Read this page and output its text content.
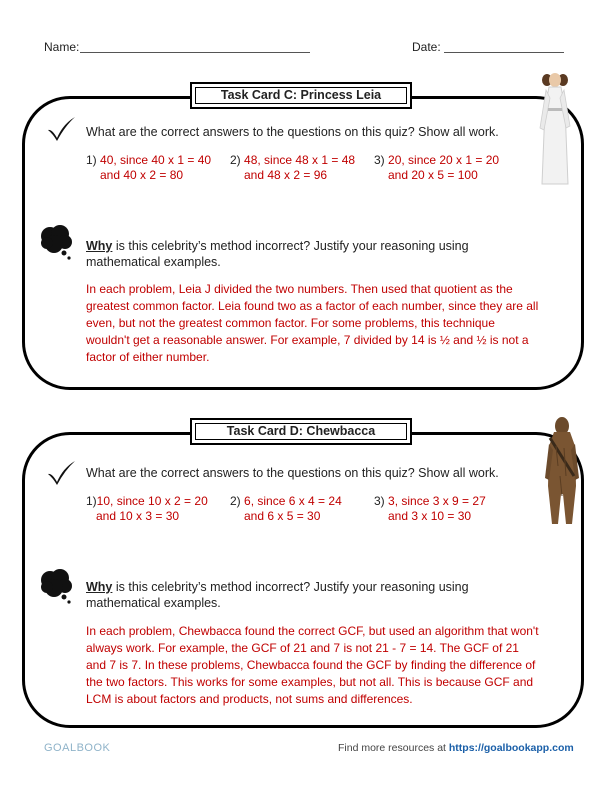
Name:	Date:
Task Card C: Princess Leia
What are the correct answers to the questions on this quiz? Show all work.
1) 40, since 40 x 1 = 40
and 40 x 2 = 80
2) 48, since 48 x 1 = 48
and 48 x 2 = 96
3) 20, since 20 x 1 = 20
and 20 x 5 = 100
Why is this celebrity’s method incorrect? Justify your reasoning using mathematical examples.
In each problem, Leia J divided the two numbers. Then used that quotient as the greatest common factor. Leia found two as a factor of each number, since they are all even, but not the greatest common factor. For some problems, this technique wouldn't get a reasonable answer. For example, 7 divided by 14 is ½ and ½ is not a factor of either number.
Task Card D: Chewbacca
What are the correct answers to the questions on this quiz? Show all work.
1)10, since 10 x 2 = 20
and 10 x 3 = 30
2) 6, since 6 x 4 = 24
and 6 x 5 = 30
3) 3, since 3 x 9 = 27
and 3 x 10 = 30
Why is this celebrity’s method incorrect? Justify your reasoning using mathematical examples.
In each problem, Chewbacca found the correct GCF, but used an algorithm that won't always work. For example, the GCF of 21 and 7 is not 21 - 7 = 14. The GCF of 21 and 7 is 7. In these problems, Chewbacca found the GCF by finding the difference of the two factors. This works for some examples, but not all. This is because GCF and LCM is about factors and products, not sums and differences.
GOALBOOK	Find more resources at https://goalbookapp.com
